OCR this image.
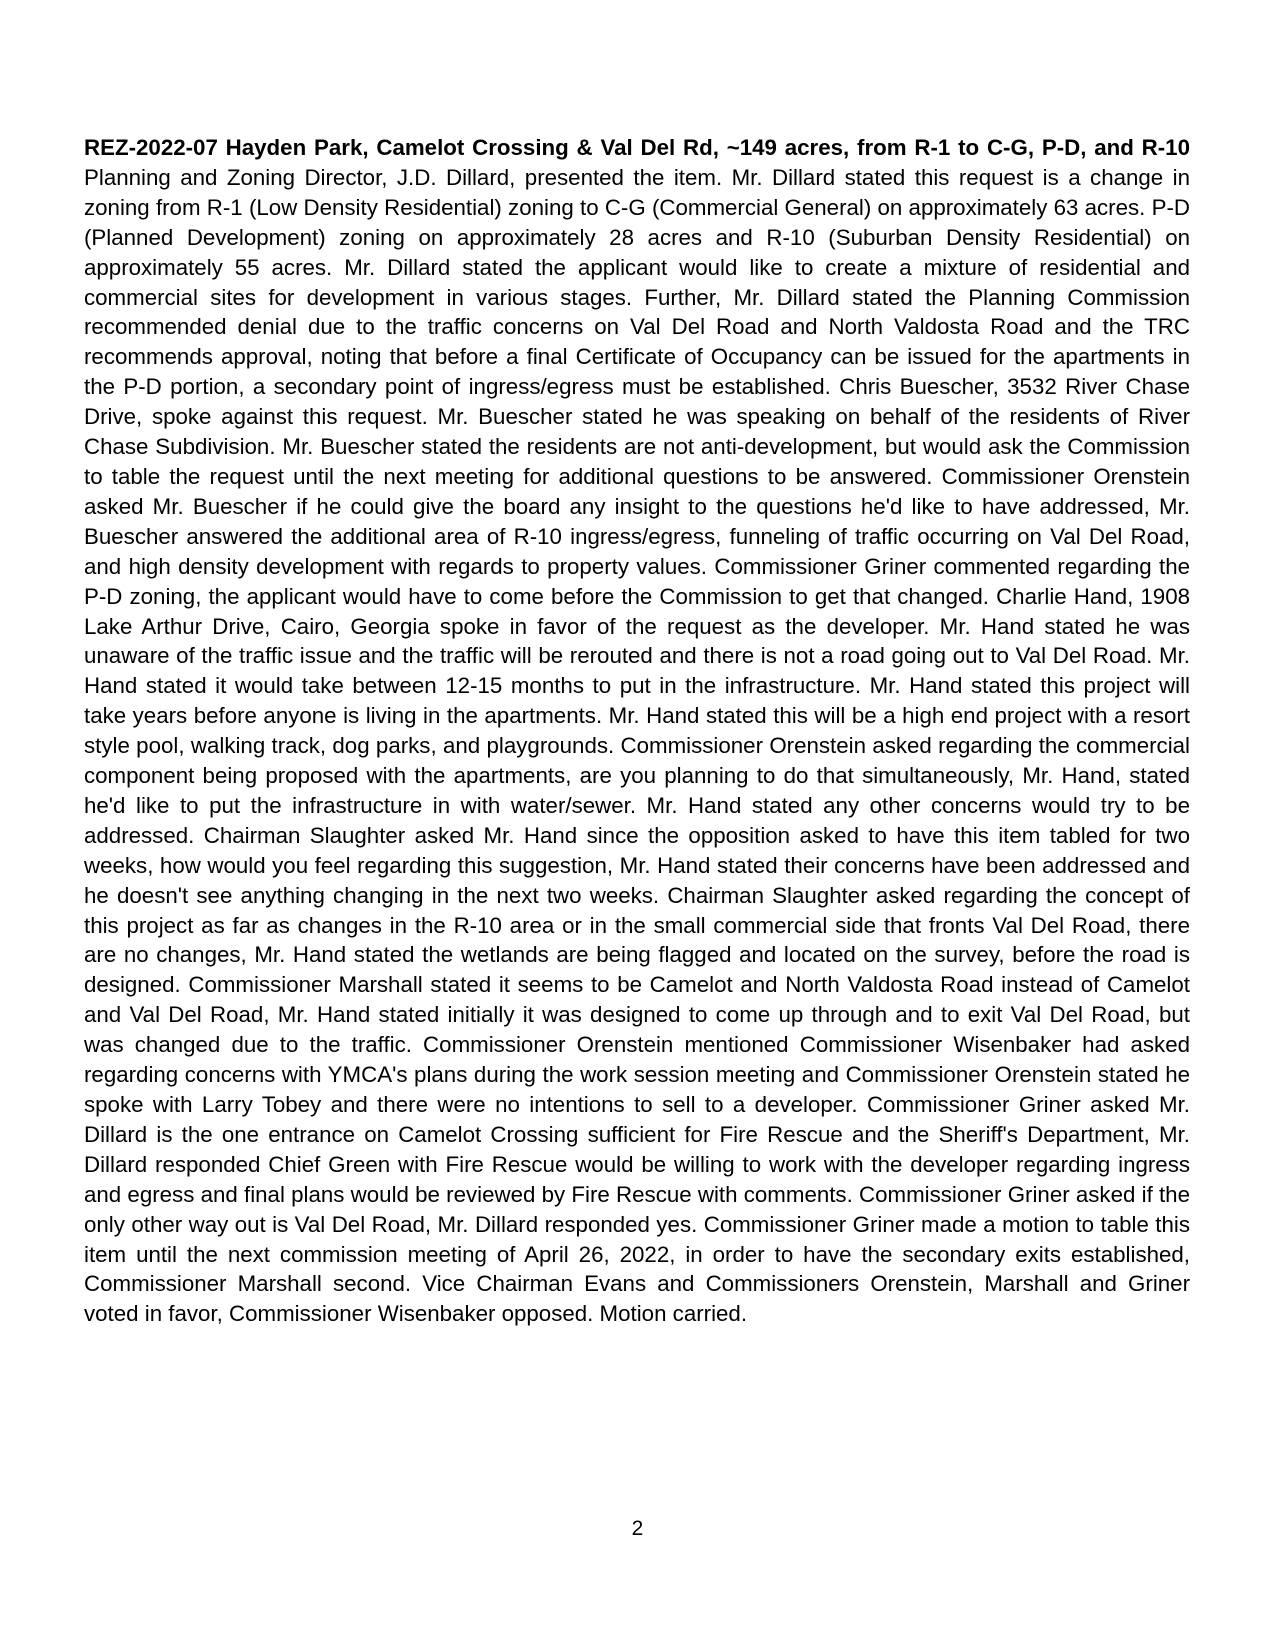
REZ-2022-07 Hayden Park, Camelot Crossing & Val Del Rd, ~149 acres, from R-1 to C-G, P-D, and R-10 Planning and Zoning Director, J.D. Dillard, presented the item. Mr. Dillard stated this request is a change in zoning from R-1 (Low Density Residential) zoning to C-G (Commercial General) on approximately 63 acres. P-D (Planned Development) zoning on approximately 28 acres and R-10 (Suburban Density Residential) on approximately 55 acres. Mr. Dillard stated the applicant would like to create a mixture of residential and commercial sites for development in various stages. Further, Mr. Dillard stated the Planning Commission recommended denial due to the traffic concerns on Val Del Road and North Valdosta Road and the TRC recommends approval, noting that before a final Certificate of Occupancy can be issued for the apartments in the P-D portion, a secondary point of ingress/egress must be established. Chris Buescher, 3532 River Chase Drive, spoke against this request. Mr. Buescher stated he was speaking on behalf of the residents of River Chase Subdivision. Mr. Buescher stated the residents are not anti-development, but would ask the Commission to table the request until the next meeting for additional questions to be answered. Commissioner Orenstein asked Mr. Buescher if he could give the board any insight to the questions he'd like to have addressed, Mr. Buescher answered the additional area of R-10 ingress/egress, funneling of traffic occurring on Val Del Road, and high density development with regards to property values. Commissioner Griner commented regarding the P-D zoning, the applicant would have to come before the Commission to get that changed. Charlie Hand, 1908 Lake Arthur Drive, Cairo, Georgia spoke in favor of the request as the developer. Mr. Hand stated he was unaware of the traffic issue and the traffic will be rerouted and there is not a road going out to Val Del Road. Mr. Hand stated it would take between 12-15 months to put in the infrastructure. Mr. Hand stated this project will take years before anyone is living in the apartments. Mr. Hand stated this will be a high end project with a resort style pool, walking track, dog parks, and playgrounds. Commissioner Orenstein asked regarding the commercial component being proposed with the apartments, are you planning to do that simultaneously, Mr. Hand, stated he'd like to put the infrastructure in with water/sewer. Mr. Hand stated any other concerns would try to be addressed. Chairman Slaughter asked Mr. Hand since the opposition asked to have this item tabled for two weeks, how would you feel regarding this suggestion, Mr. Hand stated their concerns have been addressed and he doesn't see anything changing in the next two weeks. Chairman Slaughter asked regarding the concept of this project as far as changes in the R-10 area or in the small commercial side that fronts Val Del Road, there are no changes, Mr. Hand stated the wetlands are being flagged and located on the survey, before the road is designed. Commissioner Marshall stated it seems to be Camelot and North Valdosta Road instead of Camelot and Val Del Road, Mr. Hand stated initially it was designed to come up through and to exit Val Del Road, but was changed due to the traffic. Commissioner Orenstein mentioned Commissioner Wisenbaker had asked regarding concerns with YMCA's plans during the work session meeting and Commissioner Orenstein stated he spoke with Larry Tobey and there were no intentions to sell to a developer. Commissioner Griner asked Mr. Dillard is the one entrance on Camelot Crossing sufficient for Fire Rescue and the Sheriff's Department, Mr. Dillard responded Chief Green with Fire Rescue would be willing to work with the developer regarding ingress and egress and final plans would be reviewed by Fire Rescue with comments. Commissioner Griner asked if the only other way out is Val Del Road, Mr. Dillard responded yes. Commissioner Griner made a motion to table this item until the next commission meeting of April 26, 2022, in order to have the secondary exits established, Commissioner Marshall second. Vice Chairman Evans and Commissioners Orenstein, Marshall and Griner voted in favor, Commissioner Wisenbaker opposed. Motion carried.

2
